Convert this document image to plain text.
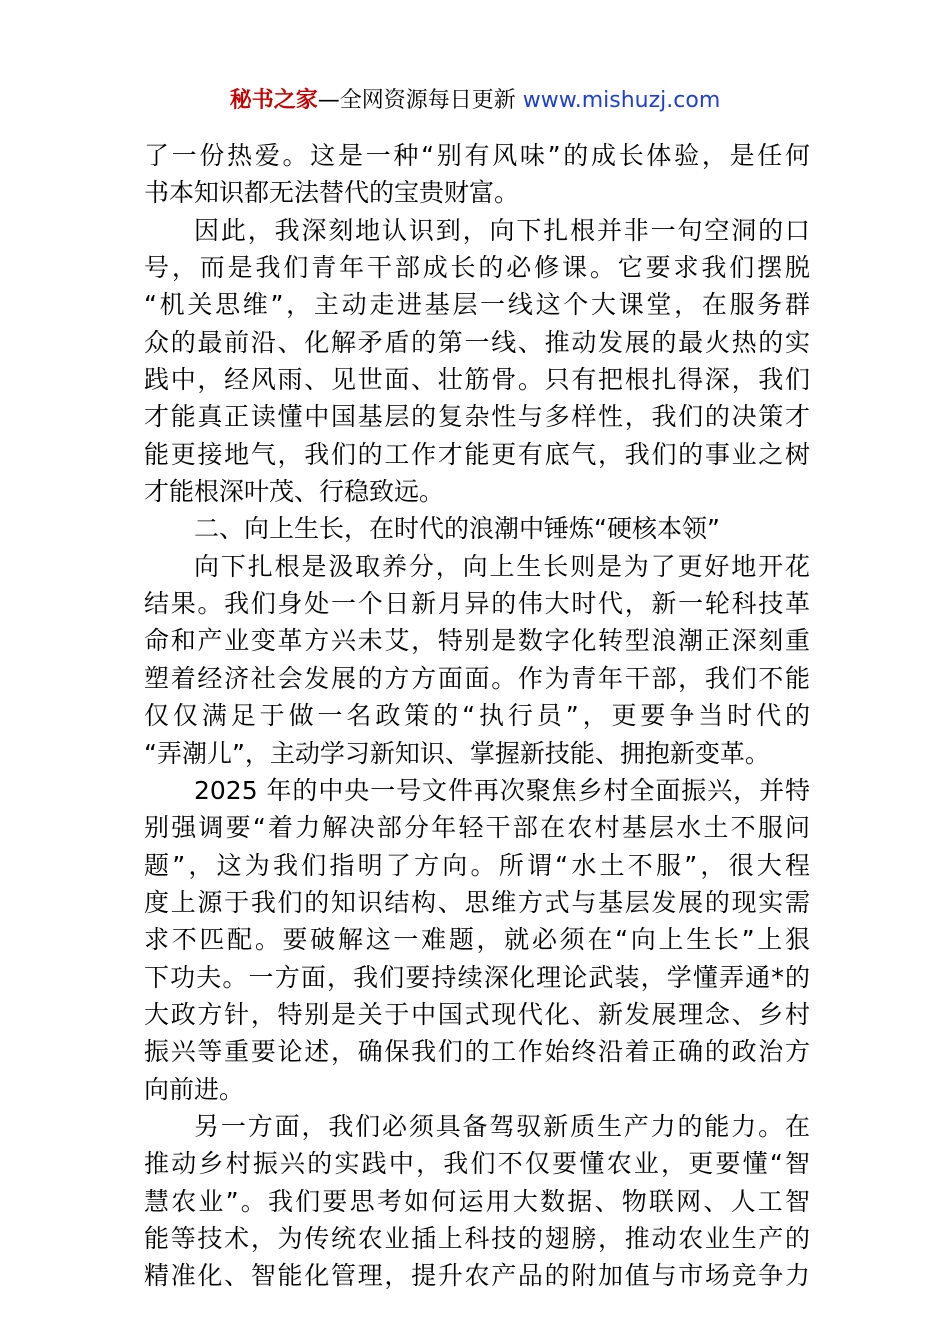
秘书之家—全网资源每日更新 www.mishuzj.com
了一份热爱。这是一种“别有风味”的成长体验，是任何
书本知识都无法替代的宝贵财富。
因此，我深刻地认识到，向下扎根并非一句空洞的口
号，而是我们青年干部成长的必修课。它要求我们摆脱
“机关思维”，主动走进基层一线这个大课堂，在服务群
众的最前沿、化解矛盾的第一线、推动发展的最火热的实
践中，经风雨、见世面、壮筋骨。只有把根扎得深，我们
才能真正读懂中国基层的复杂性与多样性，我们的决策才
能更接地气，我们的工作才能更有底气，我们的事业之树
才能根深叶茂、行稳致远。
二、向上生长，在时代的浪潮中锤炼“硬核本领”
向下扎根是汲取养分，向上生长则是为了更好地开花
结果。我们身处一个日新月异的伟大时代，新一轮科技革
命和产业变革方兴未艾，特别是数字化转型浪潮正深刻重
塑着经济社会发展的方方面面。作为青年干部，我们不能
仅仅满足于做一名政策的“执行员”，更要争当时代的
“弄潮儿”，主动学习新知识、掌握新技能、拥抱新变革。
2025 年的中央一号文件再次聚焦乡村全面振兴，并特
别强调要“着力解决部分年轻干部在农村基层水土不服问
题”，这为我们指明了方向。所谓“水土不服”，很大程
度上源于我们的知识结构、思维方式与基层发展的现实需
求不匹配。要破解这一难题，就必须在“向上生长”上狠
下功夫。一方面，我们要持续深化理论武装，学懂弄通*的
大政方针，特别是关于中国式现代化、新发展理念、乡村
振兴等重要论述，确保我们的工作始终沿着正确的政治方
向前进。
另一方面，我们必须具备驾驭新质生产力的能力。在
推动乡村振兴的实践中，我们不仅要懂农业，更要懂“智
慧农业”。我们要思考如何运用大数据、物联网、人工智
能等技术，为传统农业插上科技的翅膀，推动农业生产的
精准化、智能化管理，提升农产品的附加值与市场竞争力
